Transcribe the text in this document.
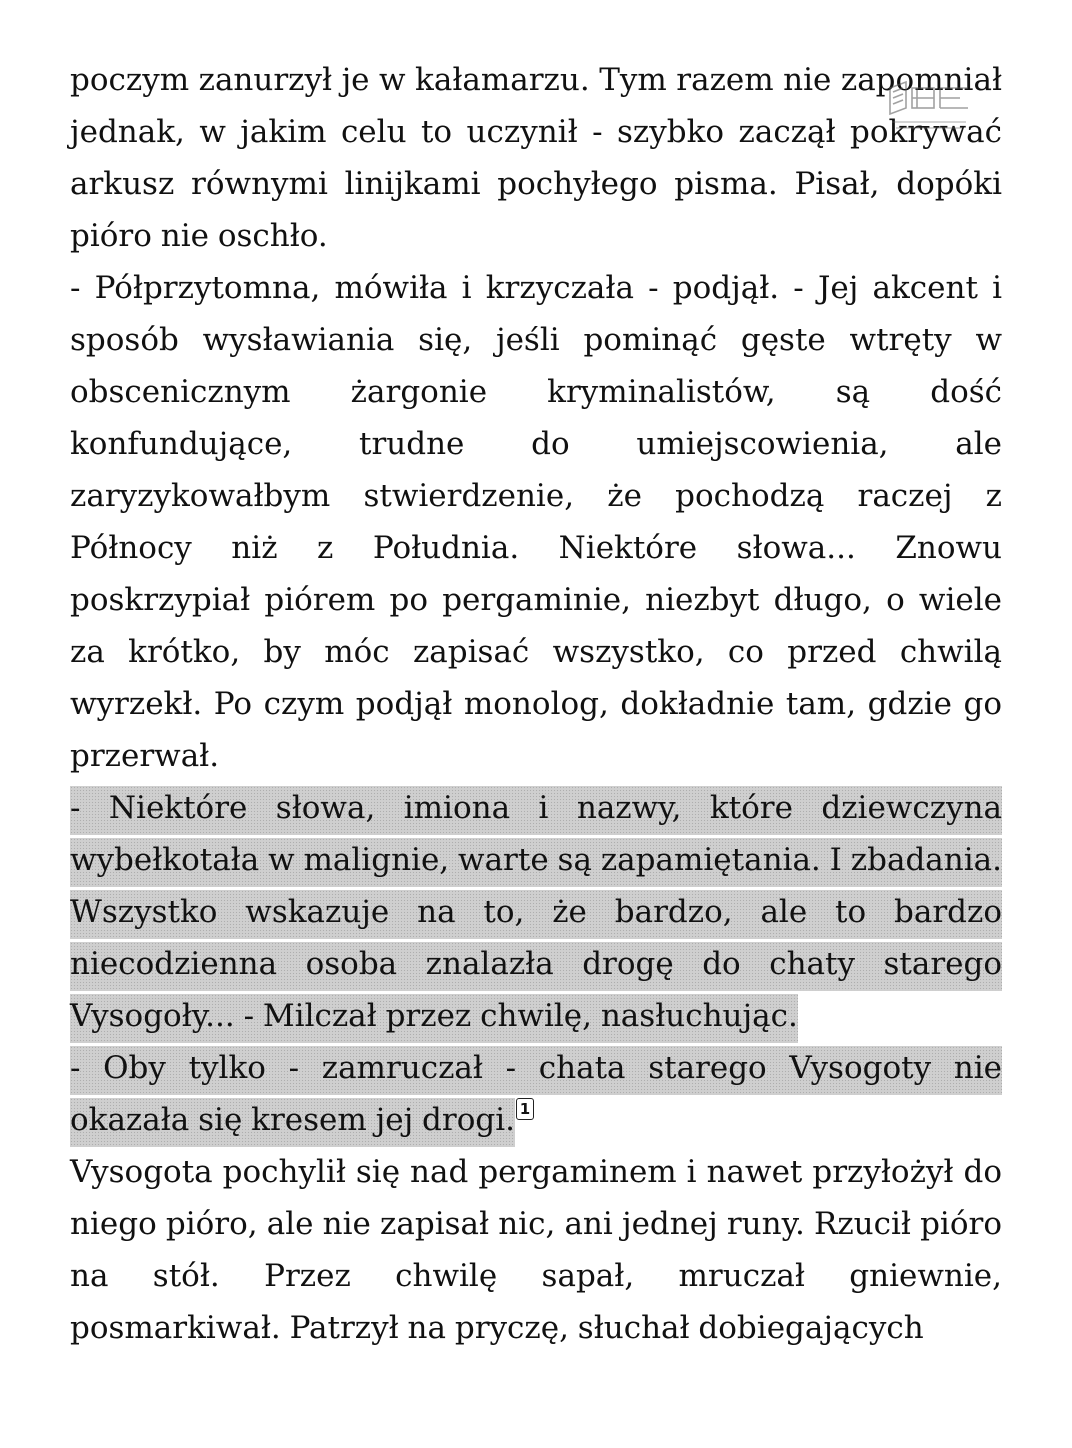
poczym zanurzył je w kałamarzu. Tym razem nie zapomniał jednak, w jakim celu to uczynił - szybko zaczął pokrywać arkusz równymi linijkami pochyłego pisma. Pisał, dopóki pióro nie oschło.

- Półprzytomna, mówiła i krzyczała - podjął. - Jej akcent i sposób wysławiania się, jeśli pominąć gęste wtręty w obscenicznym żargonie kryminalistów, są dość konfundujące, trudne do umiejscowienia, ale zaryzykowałbym stwierdzenie, że pochodzą raczej z Północy niż z Południa. Niektóre słowa... Znowu poskrzypiał piórem po pergaminie, niezbyt długo, o wiele za krótko, by móc zapisać wszystko, co przed chwilą wyrzekł. Po czym podjął monolog, dokładnie tam, gdzie go przerwał.

- Niektóre słowa, imiona i nazwy, które dziewczyna wybełkotała w malignie, warte są zapamiętania. I zbadania. Wszystko wskazuje na to, że bardzo, ale to bardzo niecodzienna osoba znalazła drogę do chaty starego Vysogoły... - Milczał przez chwilę, nasłuchując.

- Oby tylko - zamruczał - chata starego Vysogoty nie okazała się kresem jej drogi. 1

Vysogota pochylił się nad pergaminem i nawet przyłożył do niego pióro, ale nie zapisał nic, ani jednej runy. Rzucił pióro na stół. Przez chwilę sapał, mruczał gniewnie, posmarkiwał. Patrzył na pryczę, słuchał dobiegających
